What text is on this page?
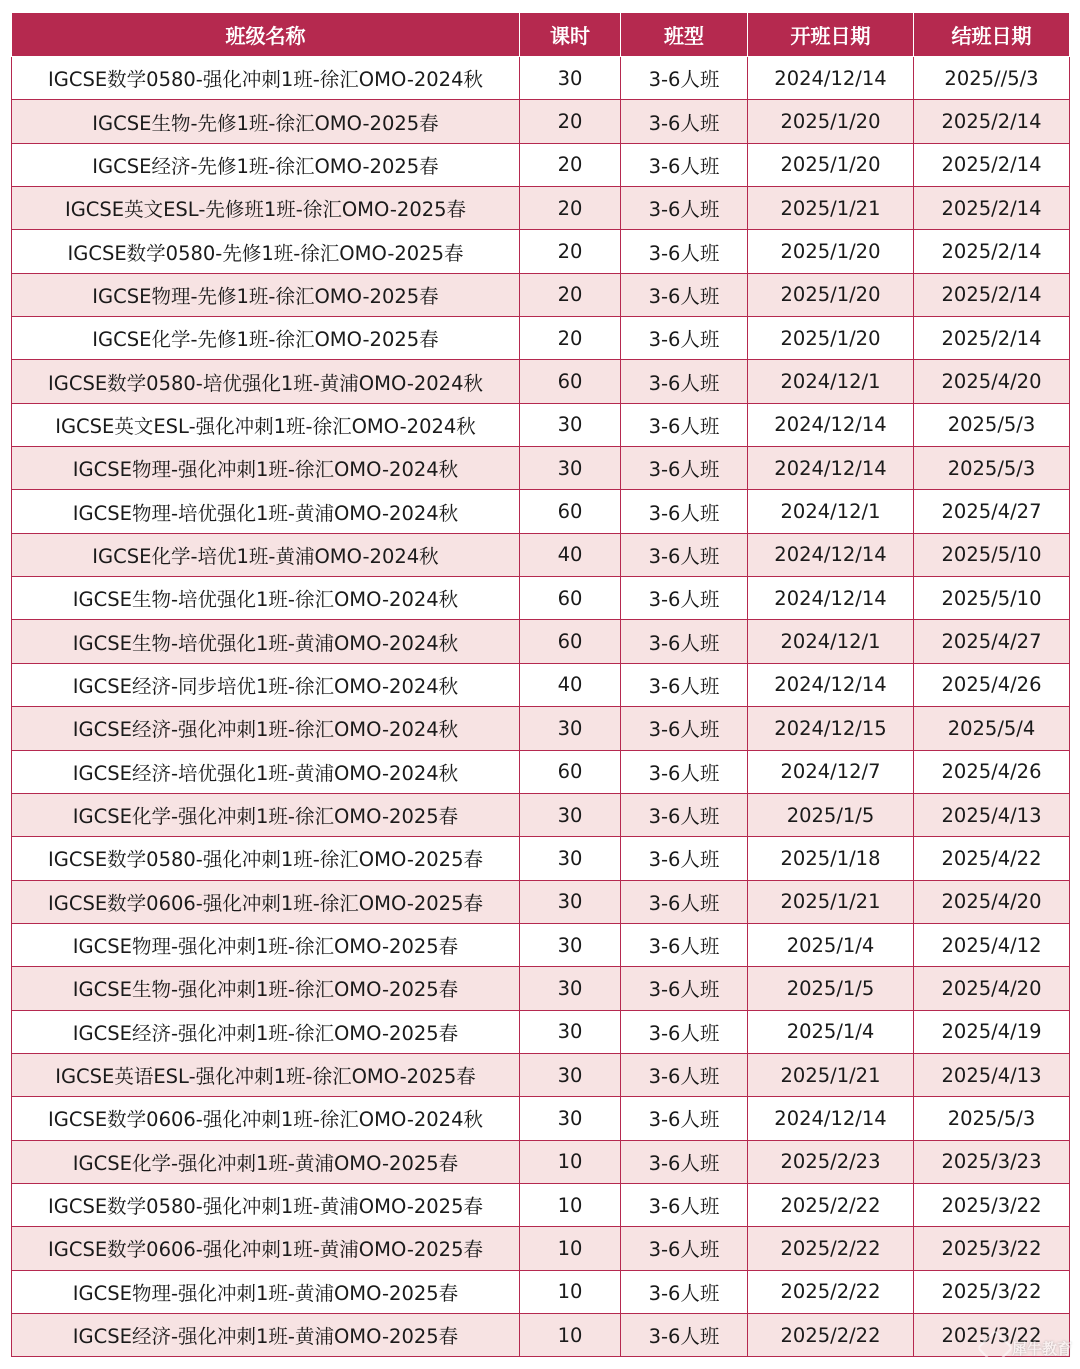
班级名称	课时	班型	开班日期	结班日期
IGCSE数学0580-强化冲刺1班-徐汇OMO-2024秋	30	3-6人班	2024/12/14	2025//5/3
IGCSE生物-先修1班-徐汇OMO-2025春	20	3-6人班	2025/1/20	2025/2/14
IGCSE经济-先修1班-徐汇OMO-2025春	20	3-6人班	2025/1/20	2025/2/14
IGCSE英文ESL-先修班1班-徐汇OMO-2025春	20	3-6人班	2025/1/21	2025/2/14
IGCSE数学0580-先修1班-徐汇OMO-2025春	20	3-6人班	2025/1/20	2025/2/14
IGCSE物理-先修1班-徐汇OMO-2025春	20	3-6人班	2025/1/20	2025/2/14
IGCSE化学-先修1班-徐汇OMO-2025春	20	3-6人班	2025/1/20	2025/2/14
IGCSE数学0580-培优强化1班-黄浦OMO-2024秋	60	3-6人班	2024/12/1	2025/4/20
IGCSE英文ESL-强化冲刺1班-徐汇OMO-2024秋	30	3-6人班	2024/12/14	2025/5/3
IGCSE物理-强化冲刺1班-徐汇OMO-2024秋	30	3-6人班	2024/12/14	2025/5/3
IGCSE物理-培优强化1班-黄浦OMO-2024秋	60	3-6人班	2024/12/1	2025/4/27
IGCSE化学-培优1班-黄浦OMO-2024秋	40	3-6人班	2024/12/14	2025/5/10
IGCSE生物-培优强化1班-徐汇OMO-2024秋	60	3-6人班	2024/12/14	2025/5/10
IGCSE生物-培优强化1班-黄浦OMO-2024秋	60	3-6人班	2024/12/1	2025/4/27
IGCSE经济-同步培优1班-徐汇OMO-2024秋	40	3-6人班	2024/12/14	2025/4/26
IGCSE经济-强化冲刺1班-徐汇OMO-2024秋	30	3-6人班	2024/12/15	2025/5/4
IGCSE经济-培优强化1班-黄浦OMO-2024秋	60	3-6人班	2024/12/7	2025/4/26
IGCSE化学-强化冲刺1班-徐汇OMO-2025春	30	3-6人班	2025/1/5	2025/4/13
IGCSE数学0580-强化冲刺1班-徐汇OMO-2025春	30	3-6人班	2025/1/18	2025/4/22
IGCSE数学0606-强化冲刺1班-徐汇OMO-2025春	30	3-6人班	2025/1/21	2025/4/20
IGCSE物理-强化冲刺1班-徐汇OMO-2025春	30	3-6人班	2025/1/4	2025/4/12
IGCSE生物-强化冲刺1班-徐汇OMO-2025春	30	3-6人班	2025/1/5	2025/4/20
IGCSE经济-强化冲刺1班-徐汇OMO-2025春	30	3-6人班	2025/1/4	2025/4/19
IGCSE英语ESL-强化冲刺1班-徐汇OMO-2025春	30	3-6人班	2025/1/21	2025/4/13
IGCSE数学0606-强化冲刺1班-徐汇OMO-2024秋	30	3-6人班	2024/12/14	2025/5/3
IGCSE化学-强化冲刺1班-黄浦OMO-2025春	10	3-6人班	2025/2/23	2025/3/23
IGCSE数学0580-强化冲刺1班-黄浦OMO-2025春	10	3-6人班	2025/2/22	2025/3/22
IGCSE数学0606-强化冲刺1班-黄浦OMO-2025春	10	3-6人班	2025/2/22	2025/3/22
IGCSE物理-强化冲刺1班-黄浦OMO-2025春	10	3-6人班	2025/2/22	2025/3/22
IGCSE经济-强化冲刺1班-黄浦OMO-2025春	10	3-6人班	2025/2/22	2025/3/22
犀牛教育
